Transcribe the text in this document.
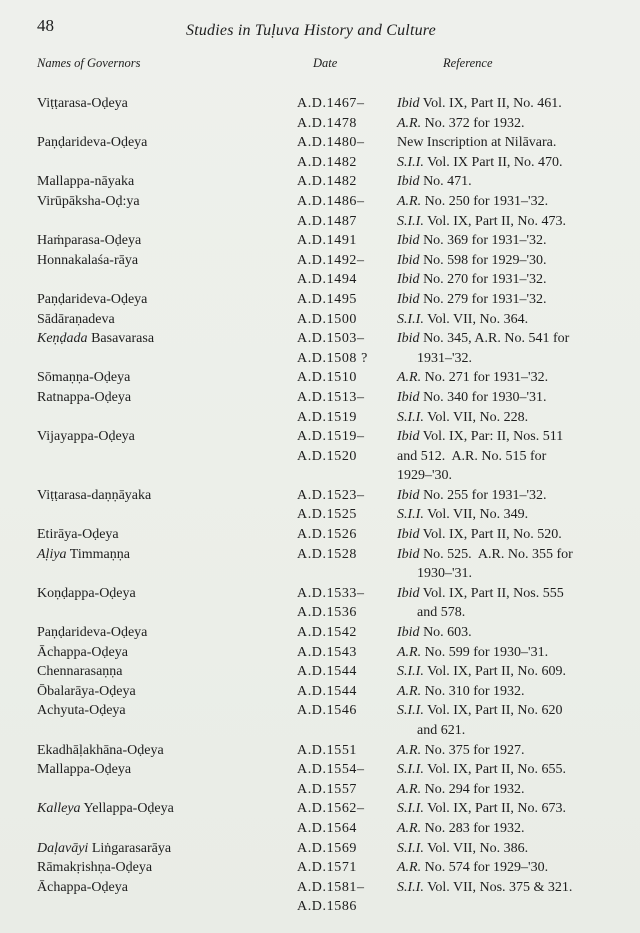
48	Studies in Tuḷuva History and Culture
Names of Governors	Date	Reference
Viṭṭarasa-Oḍeya	A.D.1467– Ibid Vol. IX, Part II, No. 461.
A.D.1478	A.R. No. 372 for 1932.
Paṇḍarideva-Oḍeya	A.D.1480– New Inscription at Nilāvara.
A.D.1482	S.I.I. Vol. IX Part II, No. 470.
Mallappa-nāyaka	A.D.1482	Ibid No. 471.
Virūpāksha-Oḍ:ya	A.D.1486– A.R. No. 250 for 1931–'32.
A.D.1487	S.I.I. Vol. IX, Part II, No. 473.
Haṁparasa-Oḍeya	A.D.1491	Ibid No. 369 for 1931–'32.
Honnakalaśa-rāya	A.D.1492– Ibid No. 598 for 1929–'30.
A.D.1494	Ibid No. 270 for 1931–'32.
Paṇḍarideva-Oḍeya	A.D.1495	Ibid No. 279 for 1931–'32.
Sādāraṇadeva	A.D.1500	S.I.I. Vol. VII, No. 364.
Keṇḍada Basavarasa	A.D.1503– Ibid No. 345, A.R. No. 541 for
A.D.1508 ?	1931–'32.
Sōmaṇṇa-Oḍeya	A.D.1510	A.R. No. 271 for 1931–'32.
Ratnappa-Oḍeya	A.D.1513– Ibid No. 340 for 1930–'31.
A.D.1519	S.I.I. Vol. VII, No. 228.
Vijayappa-Oḍeya	A.D.1519– Ibid Vol. IX, Par: II, Nos. 511
A.D.1520	and 512.  A.R. No. 515 for
1929–'30.
Viṭṭarasa-daṇṇāyaka	A.D.1523– Ibid No. 255 for 1931–'32.
A.D.1525	S.I.I. Vol. VII, No. 349.
Etirāya-Oḍeya	A.D.1526	Ibid Vol. IX, Part II, No. 520.
Aḷiya Timmaṇṇa	A.D.1528	Ibid No. 525.  A.R. No. 355 for
1930–'31.
Koṇḍappa-Oḍeya	A.D.1533– Ibid Vol. IX, Part II, Nos. 555
A.D.1536	and 578.
Paṇḍarideva-Oḍeya	A.D.1542	Ibid No. 603.
Āchappa-Oḍeya	A.D.1543	A.R. No. 599 for 1930–'31.
Chennarasaṇṇa	A.D.1544	S.I.I. Vol. IX, Part II, No. 609.
Ōbalarāya-Oḍeya	A.D.1544	A.R. No. 310 for 1932.
Achyuta-Oḍeya	A.D.1546	S.I.I. Vol. IX, Part II, No. 620
and 621.
Ekadhāḷakhāna-Oḍeya	A.D.1551	A.R. No. 375 for 1927.
Mallappa-Oḍeya	A.D.1554– S.I.I. Vol. IX, Part II, No. 655.
A.D.1557	A.R. No. 294 for 1932.
Kalleya Yellappa-Oḍeya	A.D.1562– S.I.I. Vol. IX, Part II, No. 673.
A.D.1564	A.R. No. 283 for 1932.
Daḷavāyi Liṅgarasarāya	A.D.1569	S.I.I. Vol. VII, No. 386.
Rāmakṛishṇa-Oḍeya	A.D.1571	A.R. No. 574 for 1929–'30.
Āchappa-Oḍeya	A.D.1581– S.I.I. Vol. VII, Nos. 375 & 321.
A.D.1586
